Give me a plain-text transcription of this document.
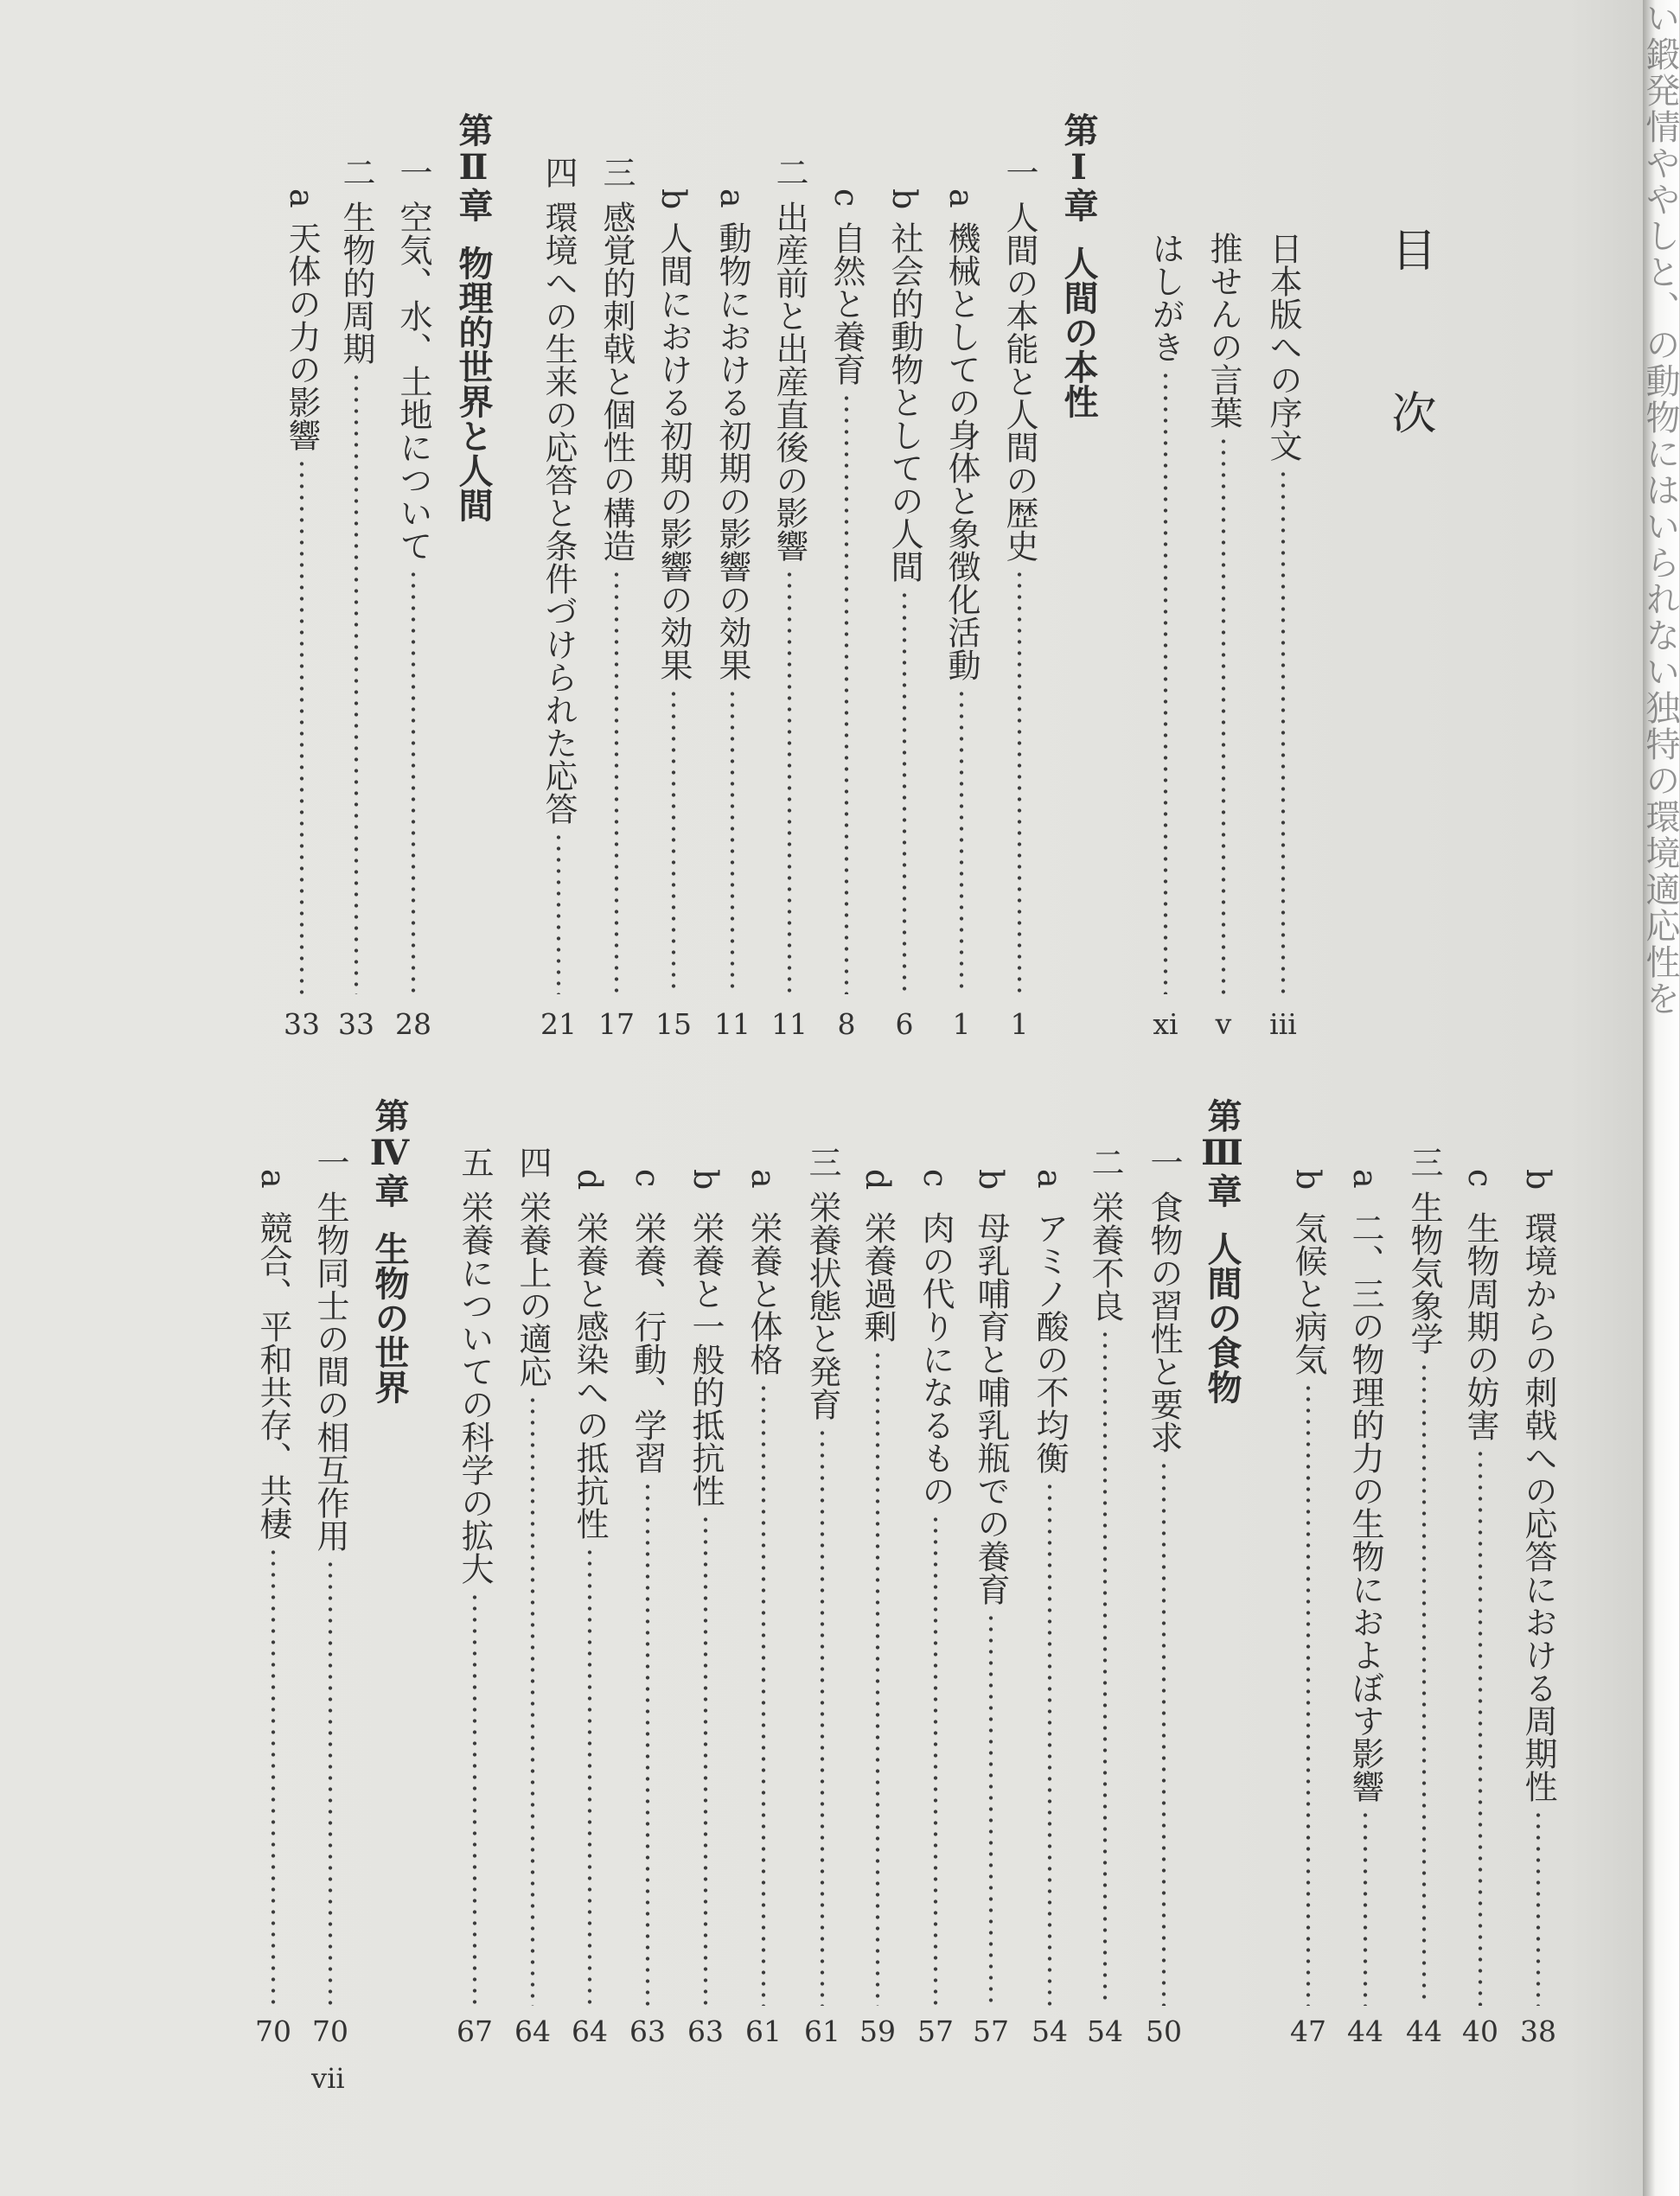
い鍛発情ややしと、の動物にはいられない独特の環境適応性を
目 次
日本版への序文
iii
推せんの言葉
v
はしがき
xi
第Ⅰ章
人間の本性
一
人間の本能と人間の歴史
1
a
機械としての身体と象徴化活動
1
b
社会的動物としての人間
6
c
自然と養育
8
二
出産前と出産直後の影響
11
a
動物における初期の影響の効果
11
b
人間における初期の影響の効果
15
三
感覚的刺戟と個性の構造
17
四
環境への生来の応答と条件づけられた応答
21
第Ⅱ章
物理的世界と人間
一
空気、水、土地について
28
二
生物的周期
33
a
天体の力の影響
33
b
環境からの刺戟への応答における周期性
38
c
生物周期の妨害
40
三
生物気象学
44
a
二、三の物理的力の生物におよぼす影響
44
b
気候と病気
47
第Ⅲ章
人間の食物
一
食物の習性と要求
50
二
栄養不良
54
a
アミノ酸の不均衡
54
b
母乳哺育と哺乳瓶での養育
57
c
肉の代りになるもの
57
d
栄養過剰
59
三
栄養状態と発育
61
a
栄養と体格
61
b
栄養と一般的抵抗性
63
c
栄養、行動、学習
63
d
栄養と感染への抵抗性
64
四
栄養上の適応
64
五
栄養についての科学の拡大
67
第Ⅳ章
生物の世界
一
生物同士の間の相互作用
70
a
競合、平和共存、共棲
70
vii
